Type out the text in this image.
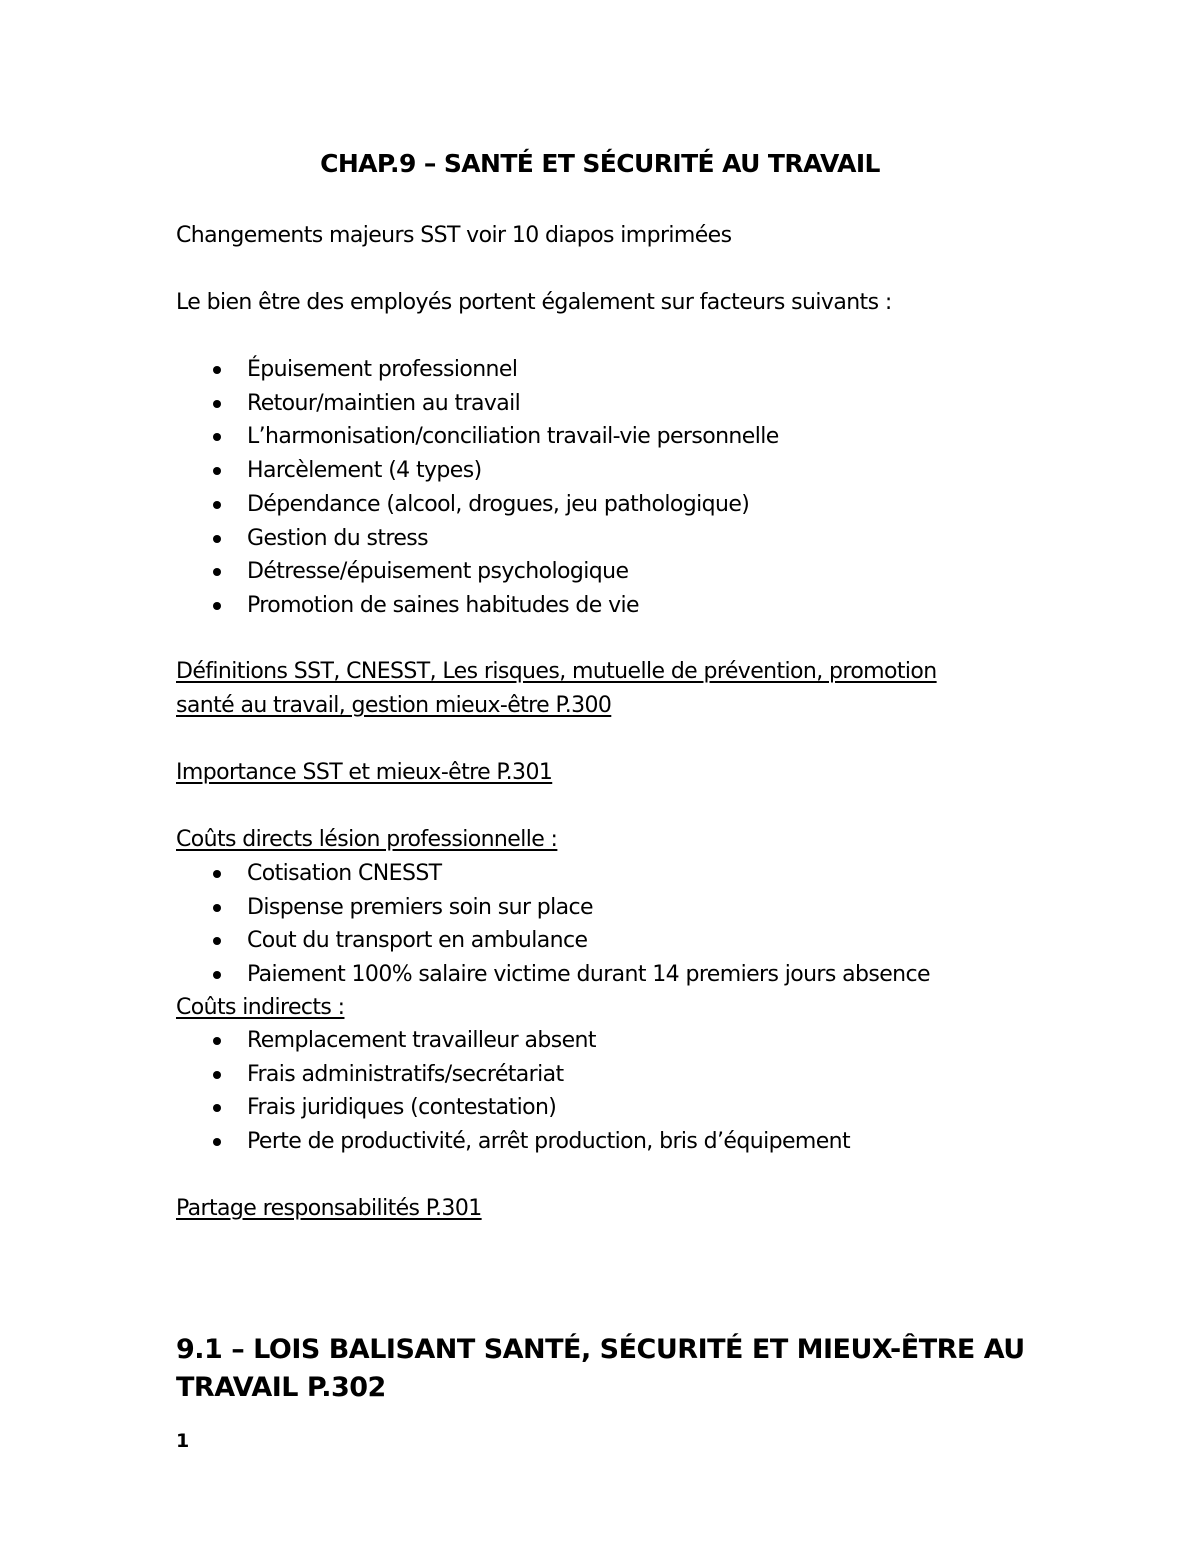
CHAP.9 – SANTÉ ET SÉCURITÉ AU TRAVAIL
Changements majeurs SST voir 10 diapos imprimées
Le bien être des employés portent également sur facteurs suivants :
Épuisement professionnel
Retour/maintien au travail
L’harmonisation/conciliation travail-vie personnelle
Harcèlement (4 types)
Dépendance (alcool, drogues, jeu pathologique)
Gestion du stress
Détresse/épuisement psychologique
Promotion de saines habitudes de vie
Définitions SST, CNESST, Les risques, mutuelle de prévention, promotion
santé au travail, gestion mieux-être P.300
Importance SST et mieux-être P.301
Coûts directs lésion professionnelle :
Cotisation CNESST
Dispense premiers soin sur place
Cout du transport en ambulance
Paiement 100% salaire victime durant 14 premiers jours absence
Coûts indirects :
Remplacement travailleur absent
Frais administratifs/secrétariat
Frais juridiques (contestation)
Perte de productivité, arrêt production, bris d’équipement
Partage responsabilités P.301
9.1 – LOIS BALISANT SANTÉ, SÉCURITÉ ET MIEUX-ÊTRE AU
TRAVAIL P.302
1
